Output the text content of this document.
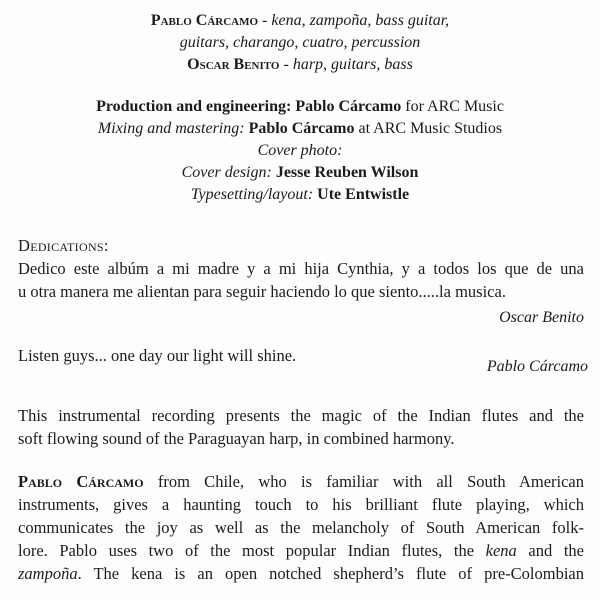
Pablo Cárcamo - kena, zampoña, bass guitar,
guitars, charango, cuatro, percussion
Oscar Benito - harp, guitars, bass
Production and engineering: Pablo Cárcamo for ARC Music
Mixing and mastering: Pablo Cárcamo at ARC Music Studios
Cover photo:
Cover design: Jesse Reuben Wilson
Typesetting/layout: Ute Entwistle
Dedications:
Dedico este albúm a mi madre y a mi hija Cynthia, y a todos los que de una
u otra manera me alientan para seguir haciendo lo que siento.....la musica.
Oscar Benito
Listen guys... one day our light will shine.
Pablo Cárcamo
This instrumental recording presents the magic of the Indian flutes and the
soft flowing sound of the Paraguayan harp, in combined harmony.
Pablo Cárcamo from Chile, who is familiar with all South American
instruments, gives a haunting touch to his brilliant flute playing, which
communicates the joy as well as the melancholy of South American folk-
lore. Pablo uses two of the most popular Indian flutes, the kena and the
zampoña. The kena is an open notched shepherd’s flute of pre-Colombian
